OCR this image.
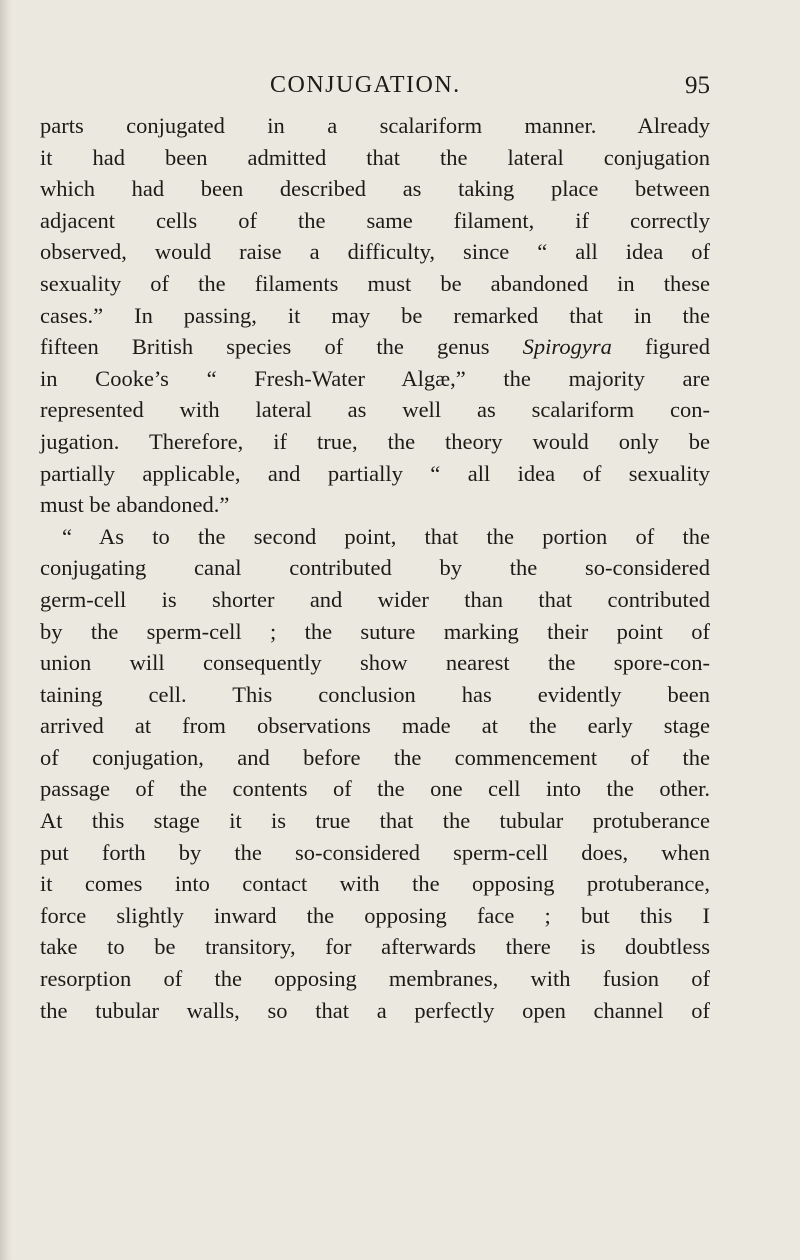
CONJUGATION.	95
parts conjugated in a scalariform manner. Already
it had been admitted that the lateral conjugation
which had been described as taking place between
adjacent cells of the same filament, if correctly
observed, would raise a difficulty, since “ all idea of
sexuality of the filaments must be abandoned in these
cases.” In passing, it may be remarked that in the
fifteen British species of the genus Spirogyra figured
in Cooke’s “ Fresh-Water Algæ,” the majority are
represented with lateral as well as scalariform con-
jugation. Therefore, if true, the theory would only be
partially applicable, and partially “ all idea of sexuality
must be abandoned.”
“ As to the second point, that the portion of the
conjugating canal contributed by the so-considered
germ-cell is shorter and wider than that contributed
by the sperm-cell ; the suture marking their point of
union will consequently show nearest the spore-con-
taining cell. This conclusion has evidently been
arrived at from observations made at the early stage
of conjugation, and before the commencement of the
passage of the contents of the one cell into the other.
At this stage it is true that the tubular protuberance
put forth by the so-considered sperm-cell does, when
it comes into contact with the opposing protuberance,
force slightly inward the opposing face ; but this I
take to be transitory, for afterwards there is doubtless
resorption of the opposing membranes, with fusion of
the tubular walls, so that a perfectly open channel of
